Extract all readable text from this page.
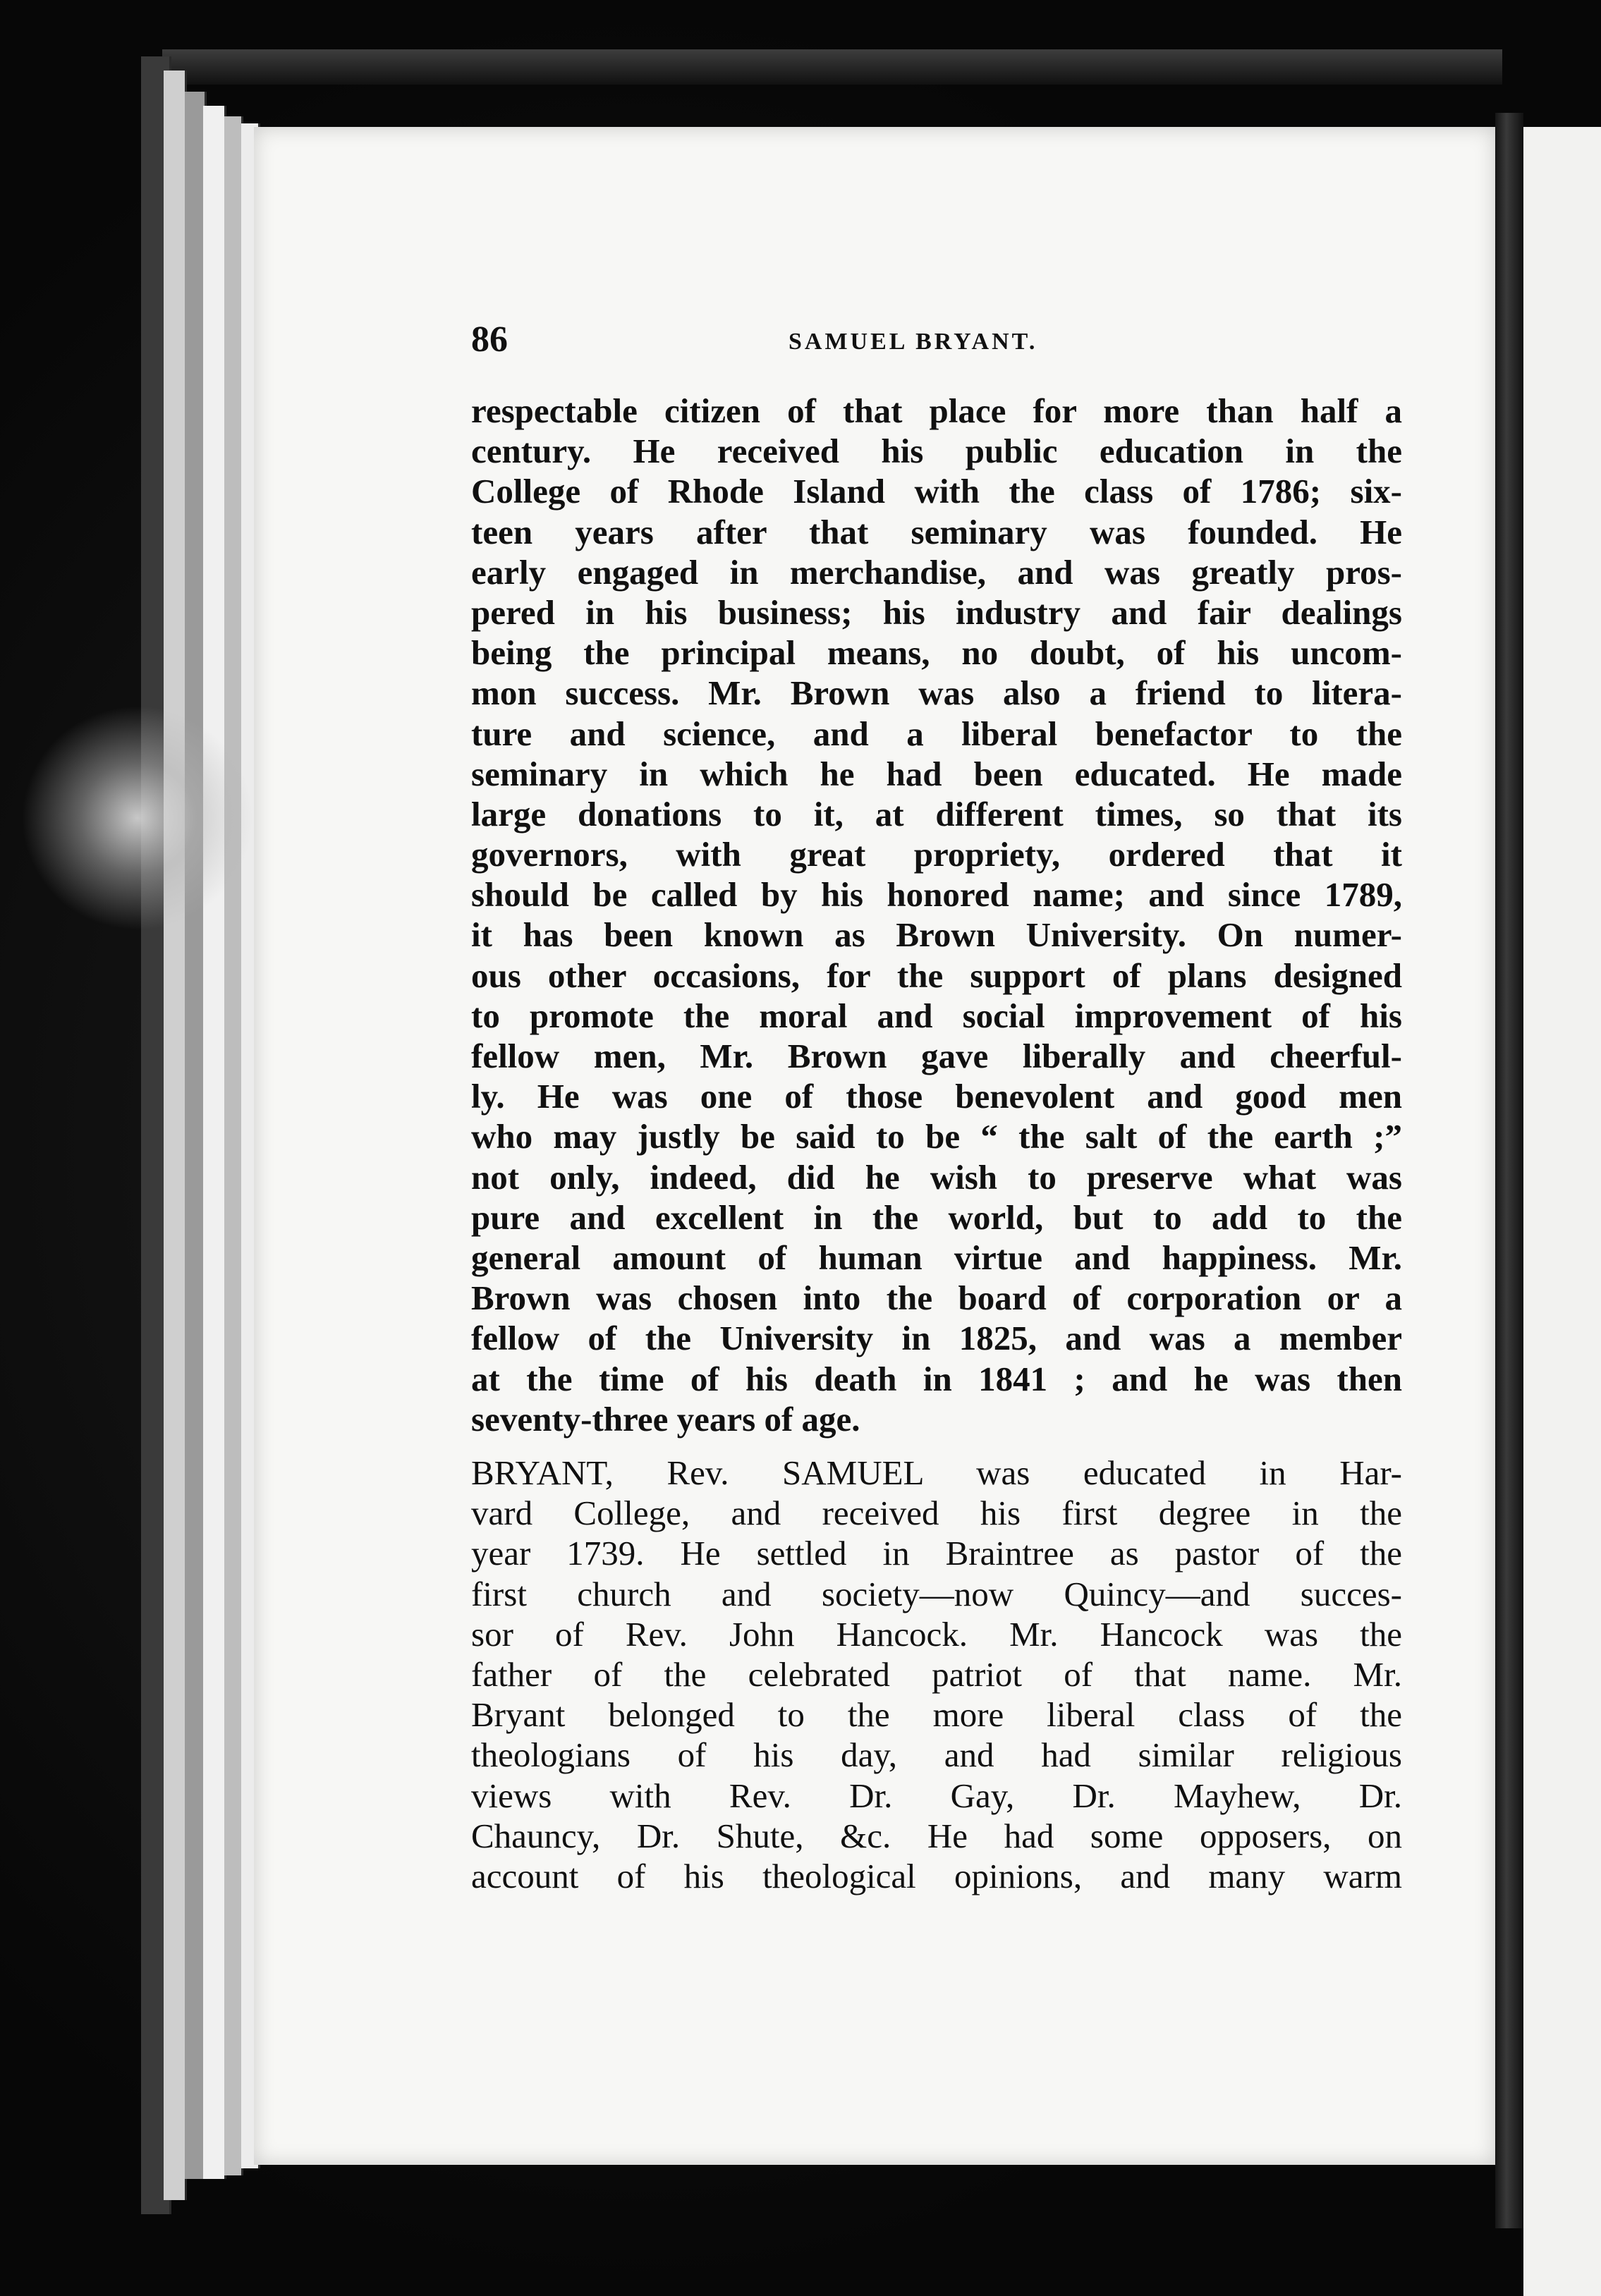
86	SAMUEL BRYANT.
respectable citizen of that place for more than half a
century. He received his public education in the
College of Rhode Island with the class of 1786; six-
teen years after that seminary was founded. He
early engaged in merchandise, and was greatly pros-
pered in his business; his industry and fair dealings
being the principal means, no doubt, of his uncom-
mon success. Mr. Brown was also a friend to litera-
ture and science, and a liberal benefactor to the
seminary in which he had been educated. He made
large donations to it, at different times, so that its
governors, with great propriety, ordered that it
should be called by his honored name; and since 1789,
it has been known as Brown University. On numer-
ous other occasions, for the support of plans designed
to promote the moral and social improvement of his
fellow men, Mr. Brown gave liberally and cheerful-
ly. He was one of those benevolent and good men
who may justly be said to be “ the salt of the earth ;”
not only, indeed, did he wish to preserve what was
pure and excellent in the world, but to add to the
general amount of human virtue and happiness. Mr.
Brown was chosen into the board of corporation or a
fellow of the University in 1825, and was a member
at the time of his death in 1841 ; and he was then
seventy-three years of age.
BRYANT, Rev. SAMUEL was educated in Har-
vard College, and received his first degree in the
year 1739. He settled in Braintree as pastor of the
first church and society—now Quincy—and succes-
sor of Rev. John Hancock. Mr. Hancock was the
father of the celebrated patriot of that name. Mr.
Bryant belonged to the more liberal class of the
theologians of his day, and had similar religious
views with Rev. Dr. Gay, Dr. Mayhew, Dr.
Chauncy, Dr. Shute, &c. He had some opposers, on
account of his theological opinions, and many warm
